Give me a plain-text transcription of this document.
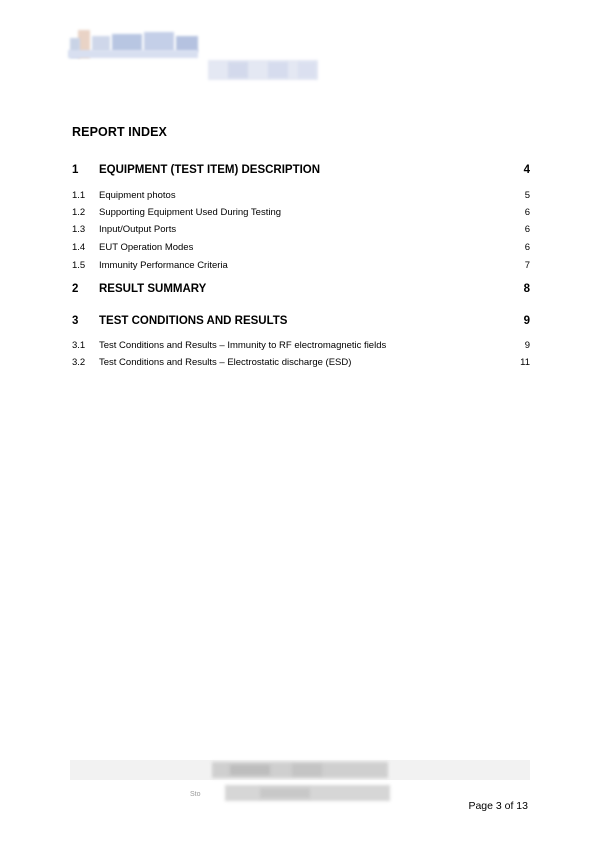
REPORT INDEX
1 EQUIPMENT (TEST ITEM) DESCRIPTION	4
1.1 Equipment photos	5
1.2 Supporting Equipment Used During Testing	6
1.3 Input/Output Ports	6
1.4 EUT Operation Modes	6
1.5 Immunity Performance Criteria	7
2 RESULT SUMMARY	8
3 TEST CONDITIONS AND RESULTS	9
3.1 Test Conditions and Results – Immunity to RF electromagnetic fields	9
3.2 Test Conditions and Results – Electrostatic discharge (ESD)	11
Sto
Page 3 of 13
